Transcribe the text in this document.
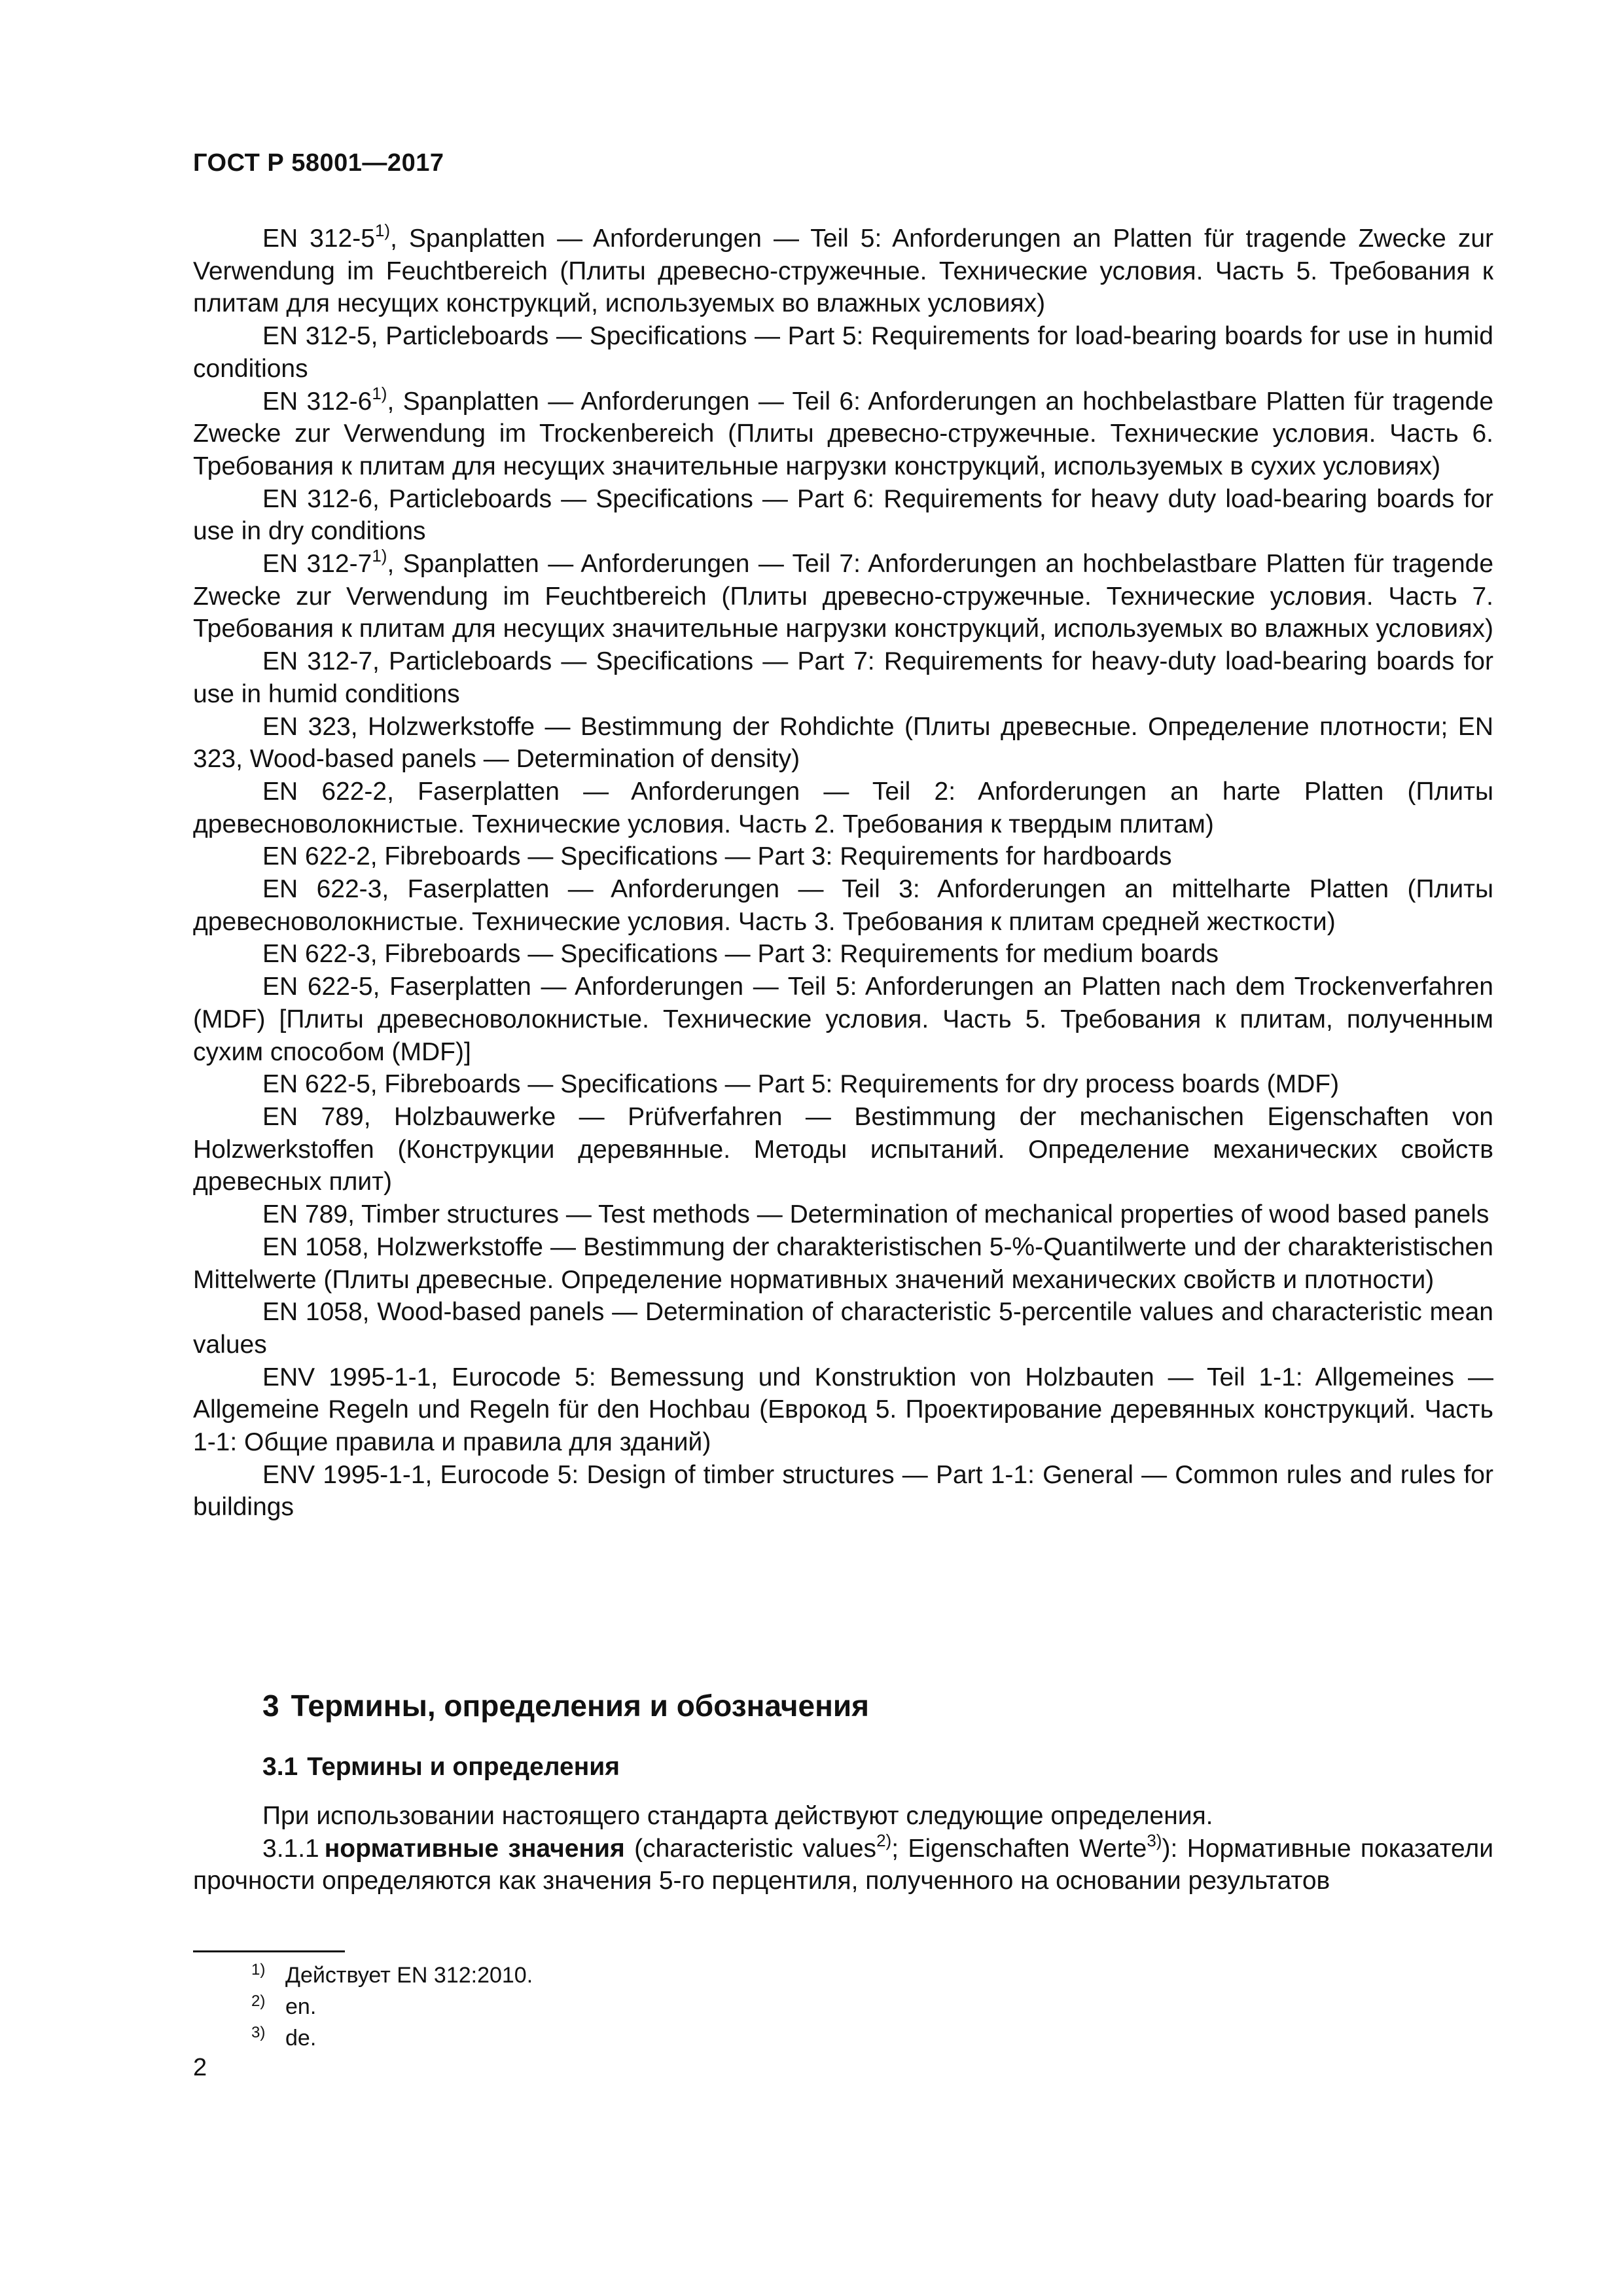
ГОСТ Р 58001—2017

EN 312-5$^{1)}$, Spanplatten — Anforderungen — Teil 5: Anforderungen an Platten für tragende Zwecke zur Verwendung im Feuchtbereich (Плиты древесно-стружечные. Технические условия. Часть 5. Требования к плитам для несущих конструкций, используемых во влажных условиях)

EN 312-5, Particleboards — Specifications — Part 5: Requirements for load-bearing boards for use in humid conditions

EN 312-6$^{1)}$, Spanplatten — Anforderungen — Teil 6: Anforderungen an hochbelastbare Platten für tragende Zwecke zur Verwendung im Trockenbereich (Плиты древесно-стружечные. Технические условия. Часть 6. Требования к плитам для несущих значительные нагрузки конструкций, используемых в сухих условиях)

EN 312-6, Particleboards — Specifications — Part 6: Requirements for heavy duty load-bearing boards for use in dry conditions

EN 312-7$^{1)}$, Spanplatten — Anforderungen — Teil 7: Anforderungen an hochbelastbare Platten für tragende Zwecke zur Verwendung im Feuchtbereich (Плиты древесно-стружечные. Технические условия. Часть 7. Требования к плитам для несущих значительные нагрузки конструкций, используемых во влажных условиях)

EN 312-7, Particleboards — Specifications — Part 7: Requirements for heavy-duty load-bearing boards for use in humid conditions

EN 323, Holzwerkstoffe — Bestimmung der Rohdichte (Плиты древесные. Определение плотности; EN 323, Wood-based panels — Determination of density)

EN 622-2, Faserplatten — Anforderungen — Teil 2: Anforderungen an harte Platten (Плиты древесноволокнистые. Технические условия. Часть 2. Требования к твердым плитам)

EN 622-2, Fibreboards — Specifications — Part 3: Requirements for hardboards

EN 622-3, Faserplatten — Anforderungen — Teil 3: Anforderungen an mittelharte Platten (Плиты древесноволокнистые. Технические условия. Часть 3. Требования к плитам средней жесткости)

EN 622-3, Fibreboards — Specifications — Part 3: Requirements for medium boards

EN 622-5, Faserplatten — Anforderungen — Teil 5: Anforderungen an Platten nach dem Trockenverfahren (MDF) [Плиты древесноволокнистые. Технические условия. Часть 5. Требования к плитам, полученным сухим способом (MDF)]

EN 622-5, Fibreboards — Specifications — Part 5: Requirements for dry process boards (MDF)

EN 789, Holzbauwerke — Prüfverfahren — Bestimmung der mechanischen Eigenschaften von Holzwerkstoffen (Конструкции деревянные. Методы испытаний. Определение механических свойств древесных плит)

EN 789, Timber structures — Test methods — Determination of mechanical properties of wood based panels

EN 1058, Holzwerkstoffe — Bestimmung der charakteristischen 5-%-Quantilwerte und der charakteristischen Mittelwerte (Плиты древесные. Определение нормативных значений механических свойств и плотности)

EN 1058, Wood-based panels — Determination of characteristic 5-percentile values and characteristic mean values

ENV 1995-1-1, Eurocode 5: Bemessung und Konstruktion von Holzbauten — Teil 1-1: Allgemeines — Allgemeine Regeln und Regeln für den Hochbau (Еврокод 5. Проектирование деревянных конструкций. Часть 1-1: Общие правила и правила для зданий)

ENV 1995-1-1, Eurocode 5: Design of timber structures — Part 1-1: General — Common rules and rules for buildings

3 Термины, определения и обозначения
3.1 Термины и определения

При использовании настоящего стандарта действуют следующие определения.

3.1.1 нормативные значения (characteristic values$^{2)}$; Eigenschaften Werte$^{3)}$): Нормативные показатели прочности определяются как значения 5-го перцентиля, полученного на основании результатов

1) Действует EN 312:2010.
2) en.
3) de.
2
